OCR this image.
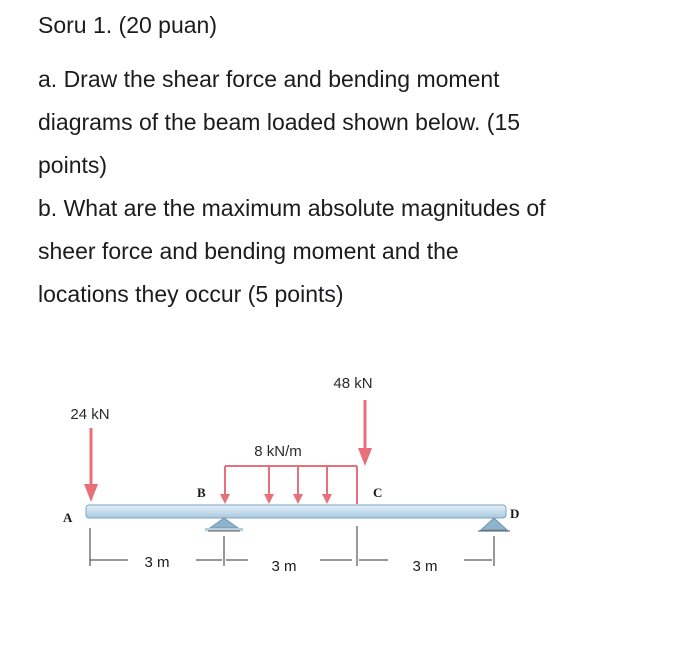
Soru 1. (20 puan)

a. Draw the shear force and bending moment

diagrams of the beam loaded shown below. (15

points)

b. What are the maximum absolute magnitudes of

sheer force and bending moment and the

locations they occur (5 points)

24 kN
48 kN
8 kN/m
A
B	C
D
3 m	3 m	3 m
